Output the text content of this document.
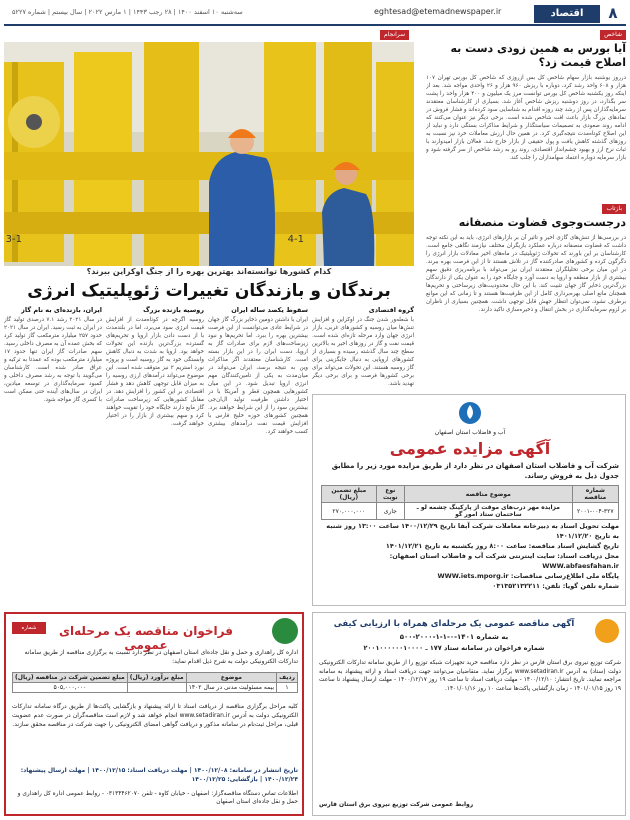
۸
اقتصاد
eghtesad@etemadnewspaper.ir
سه‌شنبه ۱۰ اسفند ۱۴۰۰ | ۲۸ رجب ۱۴۴۳ | ۱ مارس ۲۰۲۲ | سال بیستم | شماره ۵۲۲۷
شاخص
سرانجام
آیا بورس به همین زودی دست به اصلاح قیمت زد؟
درروز یوشنبه بازار سهام شاخص کل بس ازروزی که شاخص کل بورس تهران ۱۰۷ هزار و ۶۰۸ واحد رشد کرد، دوباره با ریزش ۹۶۰ هزار و ۲۶ واحدی مواجه شد. بعد از اینکه روز یکشنبه شاخص کل بورس توانست مرز یک میلیون و ۴۰۰ هزار واحد را پشت سر بگذارد، در روز دوشنبه ریزش شاخص آغاز شد. بسیاری از کارشناسان معتقدند سرمایه‌گذاران پس از رشد چند روزه اقدام به شناسایی سود کرده‌اند و فشار فروش در نمادهای بزرگ بازار باعث افت شاخص شده است. برخی دیگر نیز عنوان می‌کنند که ادامه روند صعودی به تصمیمات سیاستگذار و شرایط مذاکرات بستگی دارد و نباید از این اصلاح کوتاه‌مدت نتیجه‌گیری کرد. در همین حال ارزش معاملات خرد نیز نسبت به روزهای گذشته کاهش یافت و پول حقیقی از بازار خارج شد. فعالان بازار امیدوارند با ثبات نرخ ارز و بهبود چشم‌انداز اقتصادی، روند رو به رشد شاخص از سر گرفته شود و بازار سرمایه دوباره اعتماد سهامداران را جلب کند.
بازتاب
درجست‌وجوی قضاوت منصفانه
در بررسی‌ها از تنش‌های گازی اخیر و تاثیر آن بر بازارهای انرژی، باید به این نکته توجه داشت که قضاوت منصفانه درباره عملکرد بازیگران مختلف نیازمند نگاهی جامع است. کارشناسان بر این باورند که تحولات ژئوپلیتیک در ماه‌های اخیر معادلات بازار انرژی را دگرگون کرده و کشورهای صادرکننده گاز در تلاش هستند تا از این فرصت بهره ببرند. در این میان برخی تحلیلگران معتقدند ایران نیز می‌تواند با برنامه‌ریزی دقیق سهم بیشتری از بازار منطقه و اروپا به دست آورد و جایگاه خود را به عنوان یکی از دارندگان بزرگ‌ترین ذخایر گاز جهان تثبیت کند. با این حال محدودیت‌های زیرساختی و تحریم‌ها همچنان مانع اصلی بهره‌برداری کامل از این ظرفیت‌ها هستند و تا زمانی که این موانع برطرف نشود، نمی‌توان انتظار جهش قابل توجهی داشت. همچنین بسیاری از ناظران بر لزوم سرمایه‌گذاری در بخش انتقال و ذخیره‌سازی تاکید دارند.
3-1	4-1
کدام کشورها توانسته‌اند بهترین بهره را از جنگ اوکراین ببرند؟
برندگان و بازندگان تغییرات ژئوپلیتیک انرژی
گروه اقتصادی
با شعله‌ور شدن جنگ در اوکراین و افزایش تنش‌ها میان روسیه و کشورهای غربی، بازار انرژی جهان وارد مرحله تازه‌ای شده است. قیمت نفت و گاز در روزهای اخیر به بالاترین سطح چند سال گذشته رسیده و بسیاری از کشورهای اروپایی به دنبال جایگزینی برای گاز روسیه هستند. این تحولات می‌تواند برای برخی کشورها فرصت و برای برخی دیگر تهدید باشد.
سقوط یکصد ساله ایران
ایران با داشتن دومین ذخایر بزرگ گاز جهان در شرایط عادی می‌توانست از این فرصت بیشترین بهره را ببرد. اما تحریم‌ها و نبود زیرساخت‌های لازم برای صادرات گاز به اروپا، دست ایران را در این بازار بسته است. کارشناسان معتقدند اگر مذاکرات وین به نتیجه برسد، ایران می‌تواند در میان‌مدت به یکی از تامین‌کنندگان مهم انرژی اروپا تبدیل شود. در این میان کشورهایی همچون قطر و آمریکا با در اختیار داشتن ظرفیت تولید ال‌ان‌جی بیشترین سود را از این شرایط خواهند برد. همچنین کشورهای حوزه خلیج فارس با افزایش قیمت نفت درآمدهای بیشتری کسب خواهند کرد.
روسیه بازنده بزرگ
روسیه اگرچه در کوتاه‌مدت از افزایش قیمت انرژی سود می‌برد، اما در بلندمدت با از دست دادن بازار اروپا و تحریم‌های گسترده بزرگ‌ترین بازنده این تحولات خواهد بود. اروپا به شدت به دنبال کاهش وابستگی خود به گاز روسیه است و پروژه نورد استریم ۲ نیز متوقف شده است. این موضوع می‌تواند درآمدهای ارزی روسیه را به میزان قابل توجهی کاهش دهد و فشار اقتصادی بر این کشور را افزایش دهد. در مقابل کشورهایی که زیرساخت صادرات گاز مایع دارند جایگاه خود را تقویت خواهند کرد و سهم بیشتری از بازار را در اختیار خواهند گرفت.
ایران، بازنده‌ای به نام گاز
در سال ۲۰۲۱ رشد ۷.۱ درصدی تولید گاز در ایران به ثبت رسید. ایران در سال ۲۰۲۱ حدود ۲۵۷ میلیارد مترمکعب گاز تولید کرد که بخش عمده آن به مصرف داخلی رسید. سهم صادرات گاز ایران تنها حدود ۱۷ میلیارد مترمکعب بوده که عمدتا به ترکیه و عراق صادر شده است. کارشناسان می‌گویند با توجه به رشد مصرف داخلی و کمبود سرمایه‌گذاری در توسعه میادین، ایران در سال‌های آینده حتی ممکن است با کسری گاز مواجه شود.
آب و فاضلاب استان اصفهان
آگهی مزایده عمومی
شرکت آب و فاضلاب استان اصفهان در نظر دارد از طریق مزایده مورد زیر را مطابق جدول ذیل به فروش رساند.
شماره مناقصه	موضوع مناقصه	نوع نوبت	مبلغ تضمین (ریال)
۲۰۰۱-۰۰۴-۳۲۷	مزایده مهر درب‌های موقت از پارکینگ چشمه لو ـ ساختمان ستاد امور گو	جاری	۲۷۰,۰۰۰,۰۰۰
مهلت تحویل اسناد به دبیرخانه معاملات شرکت آبفا تاریخ ۱۴۰۰/۱۲/۲۹ ساعت ۱۳:۰۰ روز شنبه به تاریخ ۱۴۰۱/۱۲/۲۰
تاریخ گشایش اسناد مناقصه: ساعت ۸:۰۰ روز یکشنبه به تاریخ ۱۴۰۱/۱۲/۲۱
محل دریافت اسناد: سایت اینترنتی شرکت آب و فاضلاب استان اصفهان: WWW.abfaesfahan.ir
پایگاه ملی اطلاع‌رسانی مناقصات: WWW.iets.mporg.ir
شماره تلفن گویا: تلفن: ۰۳۱۳۵۲۱۳۲۲۱۱
فراخوان مناقصه یک مرحله‌ای عمومی
شماره ۱۴۰۰/۸۹
اداره کل راهداری و حمل و نقل جاده‌ای استان اصفهان در نظر دارد نسبت به برگزاری مناقصه از طریق سامانه تدارکات الکترونیکی دولت به شرح ذیل اقدام نماید:
ردیف	موضوع	مبلغ برآورد (ریال)	مبلغ تضمین شرکت در مناقصه (ریال)
۱	بیمه مسئولیت مدنی در سال ۱۴۰۲		۵۰۵,۰۰۰,۰۰۰
کلیه مراحل برگزاری مناقصه از دریافت اسناد تا ارائه پیشنهاد و بازگشایی پاکت‌ها از طریق درگاه سامانه تدارکات الکترونیکی دولت به آدرس www.setadiran.ir انجام خواهد شد و لازم است مناقصه‌گران در صورت عدم عضویت قبلی، مراحل ثبت‌نام در سامانه مذکور و دریافت گواهی امضای الکترونیکی را جهت شرکت در مناقصه محقق سازند.
تاریخ انتشار در سامانه: ۱۴۰۰/۱۲/۰۸ | مهلت دریافت اسناد: ۱۴۰۰/۱۲/۱۵ | مهلت ارسال پیشنهاد: ۱۴۰۰/۱۲/۲۴ | بازگشایی: ۱۴۰۰/۱۲/۲۵
اطلاعات تماس دستگاه مناقصه‌گزار: اصفهان - خیابان کاوه - تلفن ۰۳۱۳۴۴۶۲۰۷۰ - روابط عمومی اداره کل راهداری و حمل و نقل جاده‌ای استان اصفهان
آگهی مناقصه عمومی یک مرحله‌ای همراه با ارزیابی کیفی
به شماره ۱۴۰۱-۰-۱-۱-۲۰۰۰-۵۰۰
شماره فراخوان در سامانه ستاد ۱۷۷ ـ ۲۰۰۱۰۰۰۰۰۰۱۰۰۰۰
شرکت توزیع نیروی برق استان فارس در نظر دارد مناقصه خرید تجهیزات شبکه توزیع را از طریق سامانه تدارکات الکترونیکی دولت (ستاد) به آدرس www.setadiran.ir برگزار نماید. متقاضیان می‌توانند جهت دریافت اسناد و ارائه پیشنهاد به سامانه مراجعه نمایند. تاریخ انتشار: ۱۴۰۰/۱۲/۱۰ - مهلت دریافت اسناد تا ساعت ۱۹ روز ۱۴۰۰/۱۲/۱۷ - مهلت ارسال پیشنهاد تا ساعت ۱۹ روز ۱۴۰۱/۰۱/۱۵ - زمان بازگشایی پاکت‌ها ساعت ۱۰ روز ۱۴۰۱/۰۱/۱۶.
روابط عمومی شرکت توزیع نیروی برق استان فارس
